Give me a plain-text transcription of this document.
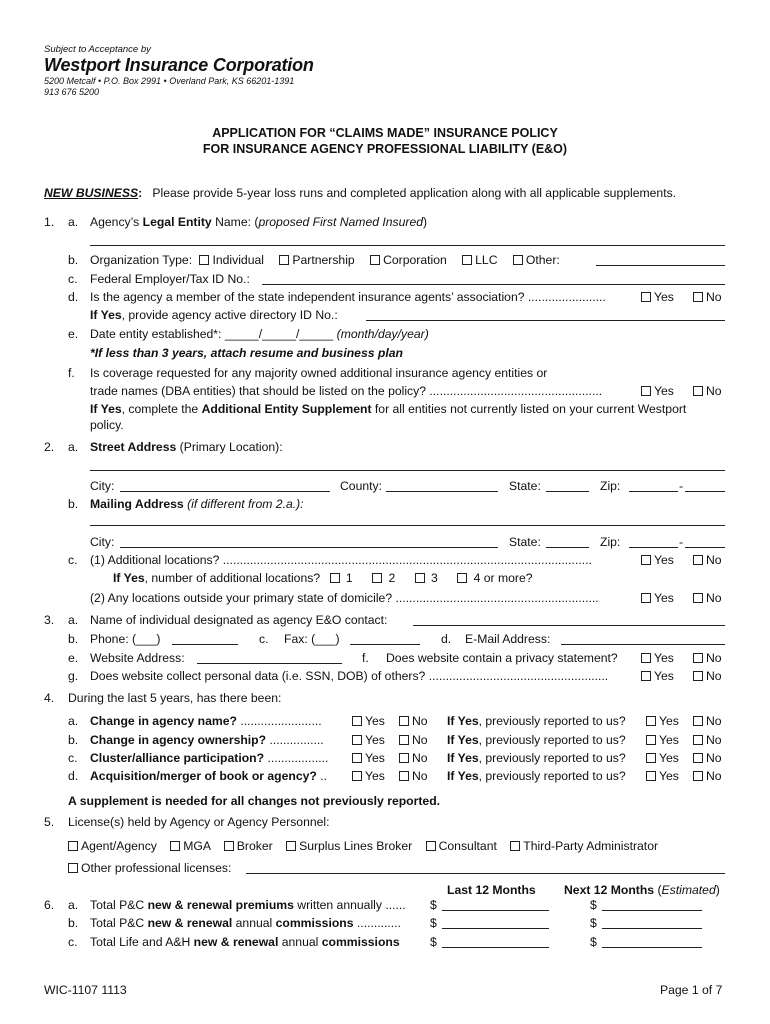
Subject to Acceptance by
Westport Insurance Corporation
5200 Metcalf • P.O. Box 2991 • Overland Park, KS 66201-1391
913 676 5200
APPLICATION FOR “CLAIMS MADE” INSURANCE POLICY
FOR INSURANCE AGENCY PROFESSIONAL LIABILITY (E&O)
NEW BUSINESS: Please provide 5-year loss runs and completed application along with all applicable supplements.
1. a. Agency’s Legal Entity Name: (proposed First Named Insured)
b. Organization Type: Individual Partnership Corporation LLC Other:
c. Federal Employer/Tax ID No.:
d. Is the agency a member of the state independent insurance agents’ association? .......................	Yes	No
If Yes, provide agency active directory ID No.:
e. Date entity established*: _____/_____/_____ (month/day/year)
*If less than 3 years, attach resume and business plan
f. Is coverage requested for any majority owned additional insurance agency entities or
trade names (DBA entities) that should be listed on the policy? ...................................................	Yes	No
If Yes, complete the Additional Entity Supplement for all entities not currently listed on your current Westport
policy.
2. a. Street Address (Primary Location):
City:	County:	State:	Zip:	-
b. Mailing Address (if different from 2.a.):
City:	State:	Zip:	-
c. (1) Additional locations? .............................................................................................................	Yes	No
If Yes, number of additional locations? 1	2	3	4 or more?
(2) Any locations outside your primary state of domicile? ............................................................	Yes	No
3. a. Name of individual designated as agency E&O contact:
b. Phone: (___)	c. Fax: (___)	d. E-Mail Address:
e. Website Address:	f. Does website contain a privacy statement?	Yes	No
g. Does website collect personal data (i.e. SSN, DOB) of others? .....................................................	Yes	No
4. During the last 5 years, has there been:
a. Change in agency name? ........................	Yes	No If Yes, previously reported to us?	Yes	No
b. Change in agency ownership? ................	Yes	No If Yes, previously reported to us?	Yes	No
c. Cluster/alliance participation? ..................	Yes	No If Yes, previously reported to us?	Yes	No
d. Acquisition/merger of book or agency? ..	Yes	No If Yes, previously reported to us?	Yes	No
A supplement is needed for all changes not previously reported.
5. License(s) held by Agency or Agency Personnel:
Agent/Agency MGA Broker Surplus Lines Broker Consultant Third-Party Administrator
Other professional licenses:
Last 12 Months Next 12 Months (Estimated)
6. a. Total P&C new & renewal premiums written annually ...... $	$
b. Total P&C new & renewal annual commissions ............. $	$
c. Total Life and A&H new & renewal annual commissions $	$
WIC-1107 1113	Page 1 of 7
